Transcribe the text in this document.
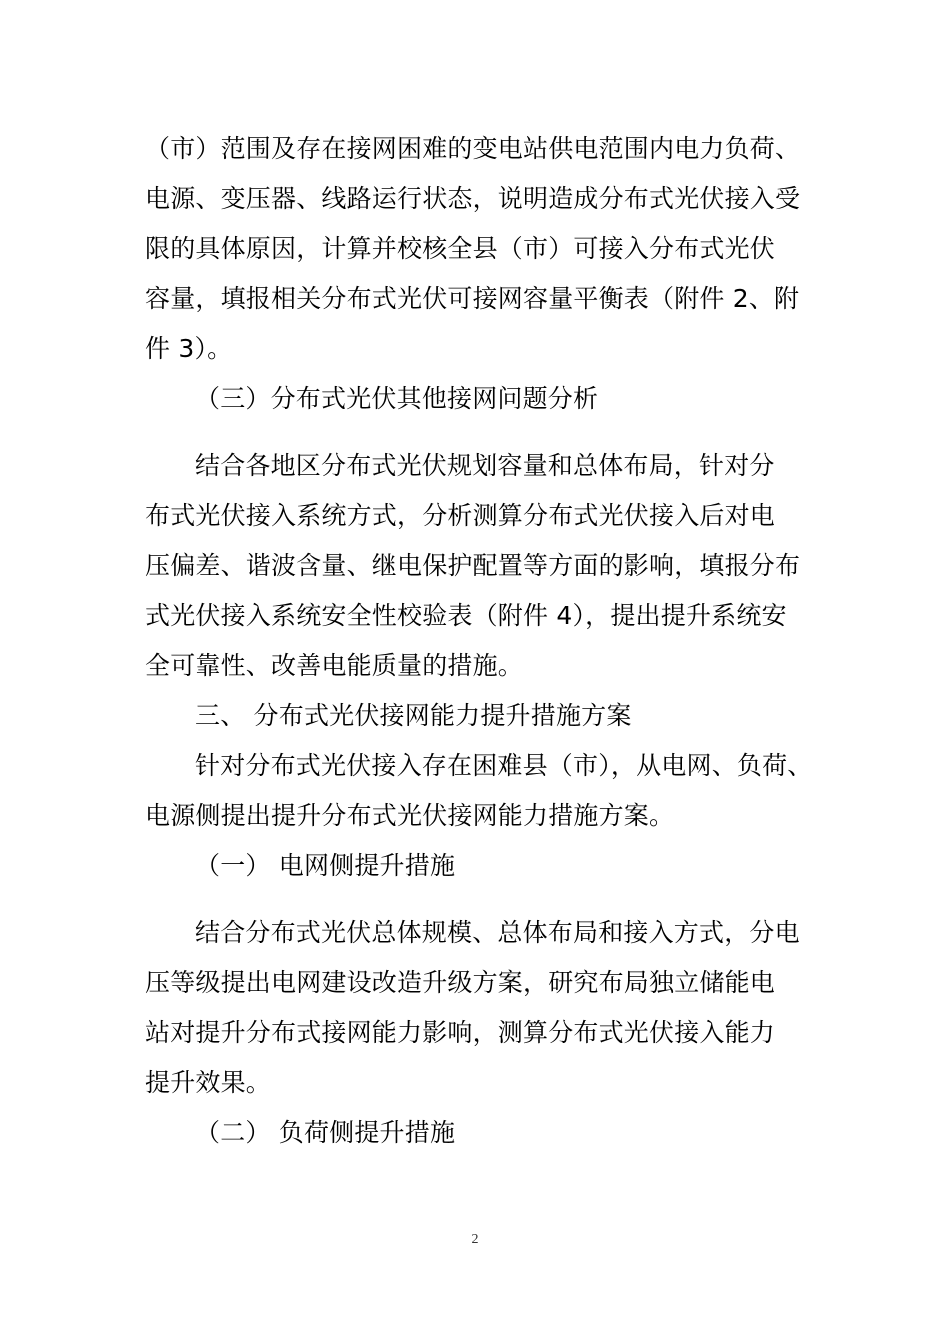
（市）范围及存在接网困难的变电站供电范围内电力负荷、
电源、变压器、线路运行状态，说明造成分布式光伏接入受
限的具体原因，计算并校核全县（市）可接入分布式光伏
容量，填报相关分布式光伏可接网容量平衡表（附件 2、附
件 3）。
（三）分布式光伏其他接网问题分析
结合各地区分布式光伏规划容量和总体布局，针对分
布式光伏接入系统方式，分析测算分布式光伏接入后对电
压偏差、谐波含量、继电保护配置等方面的影响，填报分布
式光伏接入系统安全性校验表（附件 4），提出提升系统安
全可靠性、改善电能质量的措施。
三、 分布式光伏接网能力提升措施方案
针对分布式光伏接入存在困难县（市），从电网、负荷、
电源侧提出提升分布式光伏接网能力措施方案。
（一） 电网侧提升措施
结合分布式光伏总体规模、总体布局和接入方式，分电
压等级提出电网建设改造升级方案，研究布局独立储能电
站对提升分布式接网能力影响，测算分布式光伏接入能力
提升效果。
（二） 负荷侧提升措施
2
